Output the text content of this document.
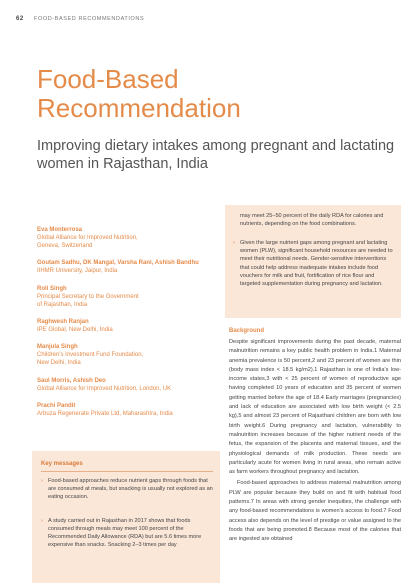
62 FOOD-BASED RECOMMENDATIONS
Food-Based
Recommendation
Improving dietary intakes among pregnant and lactating women in Rajasthan, India
Eva Monterrosa
Global Alliance for Improved Nutrition,
Geneva, Switzerland
Goutam Sadhu, DK Mangal, Varsha Rani, Ashish Bandhu
IIHMR University, Jaipur, India
Roli Singh
Principal Secretary to the Government
of Rajasthan, India
Raghwesh Ranjan
IPE Global, New Delhi, India
Manjula Singh
Children's Investment Fund Foundation,
New Delhi, India
Saul Morris, Ashish Deo
Global Alliance for Improved Nutrition, London, UK
Prachi Pandit
Arbuza Regenerate Private Ltd, Maharashtra, India
Key messages
› Food-based approaches reduce nutrient gaps through foods that are consumed at meals, but snacking is usually not explored as an eating occasion.
› A study carried out in Rajasthan in 2017 shows that foods consumed through meals may meet 100 percent of the Recommended Daily Allowance (RDA) but are 5.6 times more expensive than snacks. Snacking 2–3 times per day
may meet 25–50 percent of the daily RDA for calories and nutrients, depending on the food combinations.
› Given the large nutrient gaps among pregnant and lactating women (PLW), significant household resources are needed to meet their nutritional needs. Gender-sensitive interventions that could help address inadequate intakes include food vouchers for milk and fruit, fortification of rice flour and targeted supplementation during pregnancy and lactation.
Background

Despite significant improvements during the past decade, maternal malnutrition remains a key public health problem in India.1 Maternal anemia prevalence is 50 percent,2 and 23 percent of women are thin (body mass index < 18.5 kg/m2).1 Rajasthan is one of India's low-income states,3 with < 25 percent of women of reproductive age having completed 10 years of education and 35 percent of women getting married before the age of 18.4 Early marriages (pregnancies) and lack of education are associated with low birth weight (< 2.5 kg),5 and almost 23 percent of Rajasthani children are born with low birth weight.6 During pregnancy and lactation, vulnerability to malnutrition increases because of the higher nutrient needs of the fetus, the expansion of the placenta and maternal tissues, and the physiological demands of milk production. These needs are particularly acute for women living in rural areas, who remain active as farm workers throughout pregnancy and lactation.

Food-based approaches to address maternal malnutrition among PLW are popular because they build on and fit with habitual food patterns.7 In areas with strong gender inequities, the challenge with any food-based recommendations is women's access to food.7 Food access also depends on the level of prestige or value assigned to the foods that are being promoted.8 Because most of the calories that are ingested are obtained
